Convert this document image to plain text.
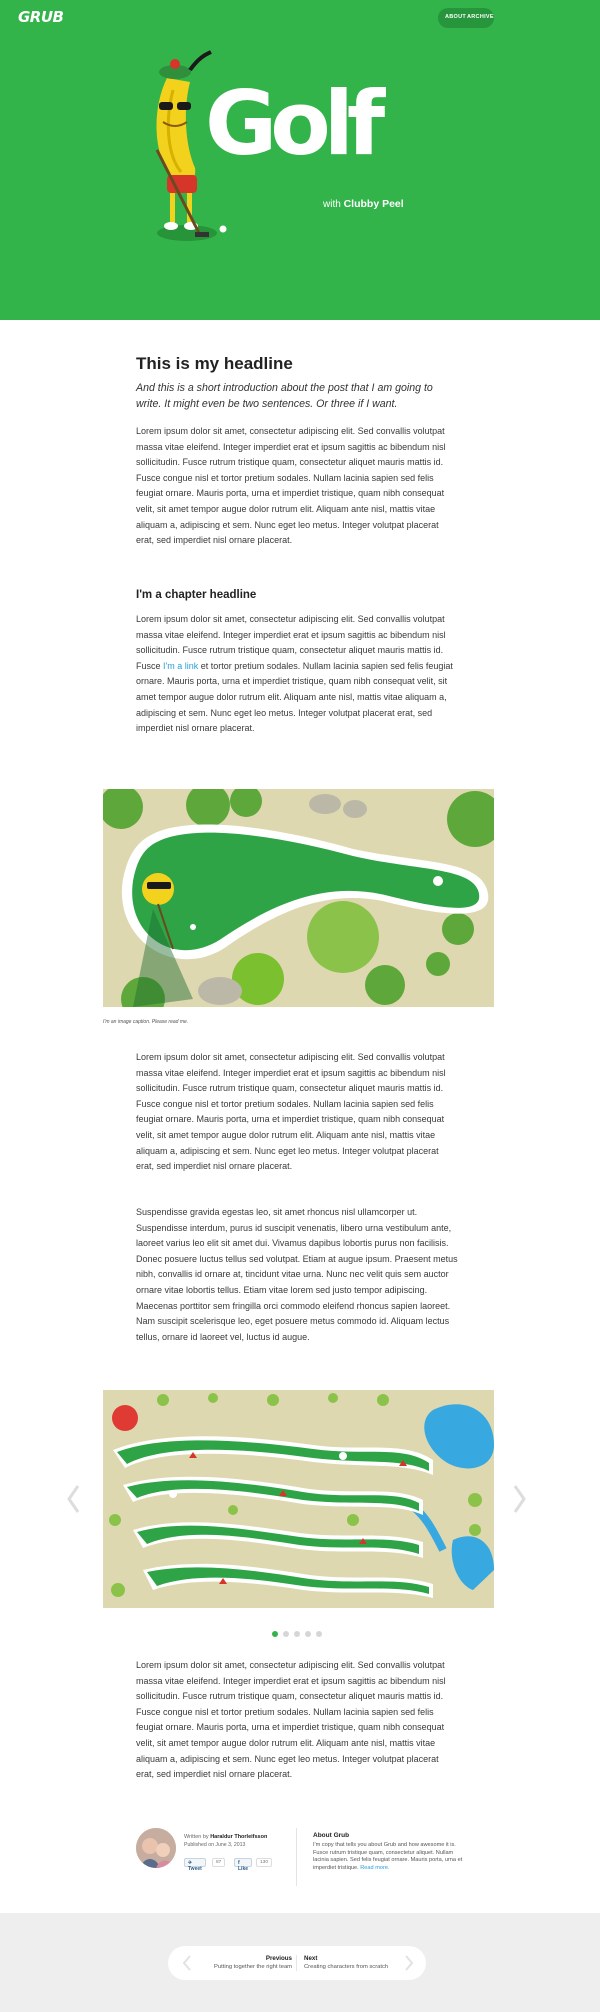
GRUB	ABOUT ARCHIVE
Golf
with Clubby Peel
This is my headline
And this is a short introduction about the post that I am going to write. It might even be two sentences. Or three if I want.
Lorem ipsum dolor sit amet, consectetur adipiscing elit. Sed convallis volutpat massa vitae eleifend. Integer imperdiet erat et ipsum sagittis ac bibendum nisl sollicitudin. Fusce rutrum tristique quam, consectetur aliquet mauris mattis id. Fusce congue nisl et tortor pretium sodales. Nullam lacinia sapien sed felis feugiat ornare. Mauris porta, urna et imperdiet tristique, quam nibh consequat velit, sit amet tempor augue dolor rutrum elit. Aliquam ante nisl, mattis vitae aliquam a, adipiscing et sem. Nunc eget leo metus. Integer volutpat placerat erat, sed imperdiet nisl ornare placerat.
I'm a chapter headline
Lorem ipsum dolor sit amet, consectetur adipiscing elit. Sed convallis volutpat massa vitae eleifend. Integer imperdiet erat et ipsum sagittis ac bibendum nisl sollicitudin. Fusce rutrum tristique quam, consectetur aliquet mauris mattis id. Fusce I'm a link et tortor pretium sodales. Nullam lacinia sapien sed felis feugiat ornare. Mauris porta, urna et imperdiet tristique, quam nibh consequat velit, sit amet tempor augue dolor rutrum elit. Aliquam ante nisl, mattis vitae aliquam a, adipiscing et sem. Nunc eget leo metus. Integer volutpat placerat erat, sed imperdiet nisl ornare placerat.
I'm an image caption. Please read me.
Lorem ipsum dolor sit amet, consectetur adipiscing elit. Sed convallis volutpat massa vitae eleifend. Integer imperdiet erat et ipsum sagittis ac bibendum nisl sollicitudin. Fusce rutrum tristique quam, consectetur aliquet mauris mattis id. Fusce congue nisl et tortor pretium sodales. Nullam lacinia sapien sed felis feugiat ornare. Mauris porta, urna et imperdiet tristique, quam nibh consequat velit, sit amet tempor augue dolor rutrum elit. Aliquam ante nisl, mattis vitae aliquam a, adipiscing et sem. Nunc eget leo metus. Integer volutpat placerat erat, sed imperdiet nisl ornare placerat.
Suspendisse gravida egestas leo, sit amet rhoncus nisl ullamcorper ut. Suspendisse interdum, purus id suscipit venenatis, libero urna vestibulum ante, laoreet varius leo elit sit amet dui. Vivamus dapibus lobortis purus non facilisis. Donec posuere luctus tellus sed volutpat. Etiam at augue ipsum. Praesent metus nibh, convallis id ornare at, tincidunt vitae urna. Nunc nec velit quis sem auctor ornare vitae lobortis tellus. Etiam vitae lorem sed justo tempor adipiscing. Maecenas porttitor sem fringilla orci commodo eleifend rhoncus sapien laoreet. Nam suscipit scelerisque leo, eget posuere metus commodo id. Aliquam lectus tellus, ornare id laoreet vel, luctus id augue.
Lorem ipsum dolor sit amet, consectetur adipiscing elit. Sed convallis volutpat massa vitae eleifend. Integer imperdiet erat et ipsum sagittis ac bibendum nisl sollicitudin. Fusce rutrum tristique quam, consectetur aliquet mauris mattis id. Fusce congue nisl et tortor pretium sodales. Nullam lacinia sapien sed felis feugiat ornare. Mauris porta, urna et imperdiet tristique, quam nibh consequat velit, sit amet tempor augue dolor rutrum elit. Aliquam ante nisl, mattis vitae aliquam a, adipiscing et sem. Nunc eget leo metus. Integer volutpat placerat erat, sed imperdiet nisl ornare placerat.
Written by Haraldur Thorleifsson
Published on June 3, 2013
✈ Tweet
87	f Like
130
About Grub
I'm copy that tells you about Grub and how awesome it is. Fusce rutrum tristique quam, consectetur aliquet. Nullam lacinia sapien. Sed felis feugiat ornare. Mauris porta, urna et imperdiet tristique. Read more.
Previous
Putting together the right team
Next
Creating characters from scratch
